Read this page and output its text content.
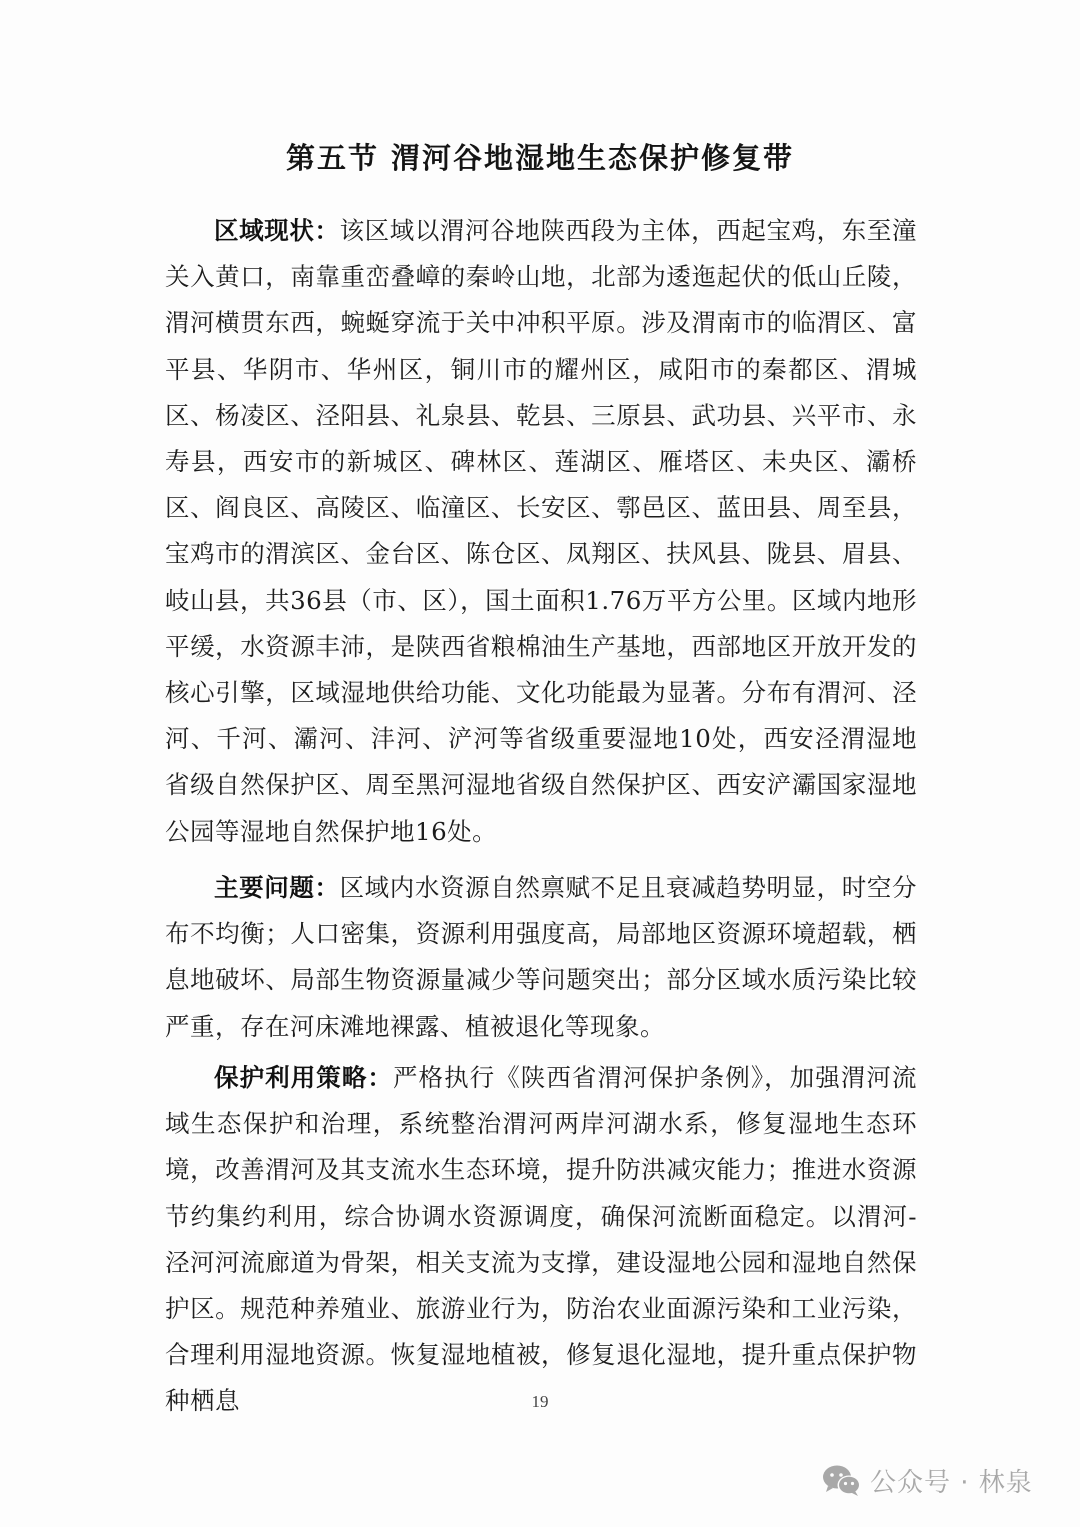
第五节 渭河谷地湿地生态保护修复带

区域现状：该区域以渭河谷地陕西段为主体，西起宝鸡，东至潼关入黄口，南靠重峦叠嶂的秦岭山地，北部为逶迤起伏的低山丘陵，渭河横贯东西，蜿蜒穿流于关中冲积平原。涉及渭南市的临渭区、富平县、华阴市、华州区，铜川市的耀州区，咸阳市的秦都区、渭城区、杨凌区、泾阳县、礼泉县、乾县、三原县、武功县、兴平市、永寿县，西安市的新城区、碑林区、莲湖区、雁塔区、未央区、灞桥区、阎良区、高陵区、临潼区、长安区、鄠邑区、蓝田县、周至县，宝鸡市的渭滨区、金台区、陈仓区、凤翔区、扶风县、陇县、眉县、岐山县，共36县（市、区），国土面积1.76万平方公里。区域内地形平缓，水资源丰沛，是陕西省粮棉油生产基地，西部地区开放开发的核心引擎，区域湿地供给功能、文化功能最为显著。分布有渭河、泾河、千河、灞河、沣河、浐河等省级重要湿地10处，西安泾渭湿地省级自然保护区、周至黑河湿地省级自然保护区、西安浐灞国家湿地公园等湿地自然保护地16处。

主要问题：区域内水资源自然禀赋不足且衰减趋势明显，时空分布不均衡；人口密集，资源利用强度高，局部地区资源环境超载，栖息地破坏、局部生物资源量减少等问题突出；部分区域水质污染比较严重，存在河床滩地裸露、植被退化等现象。

保护利用策略：严格执行《陕西省渭河保护条例》，加强渭河流域生态保护和治理，系统整治渭河两岸河湖水系，修复湿地生态环境，改善渭河及其支流水生态环境，提升防洪减灾能力；推进水资源节约集约利用，综合协调水资源调度，确保河流断面稳定。以渭河-泾河河流廊道为骨架，相关支流为支撑，建设湿地公园和湿地自然保护区。规范种养殖业、旅游业行为，防治农业面源污染和工业污染，合理利用湿地资源。恢复湿地植被，修复退化湿地，提升重点保护物种栖息	19
公众号 · 林泉
